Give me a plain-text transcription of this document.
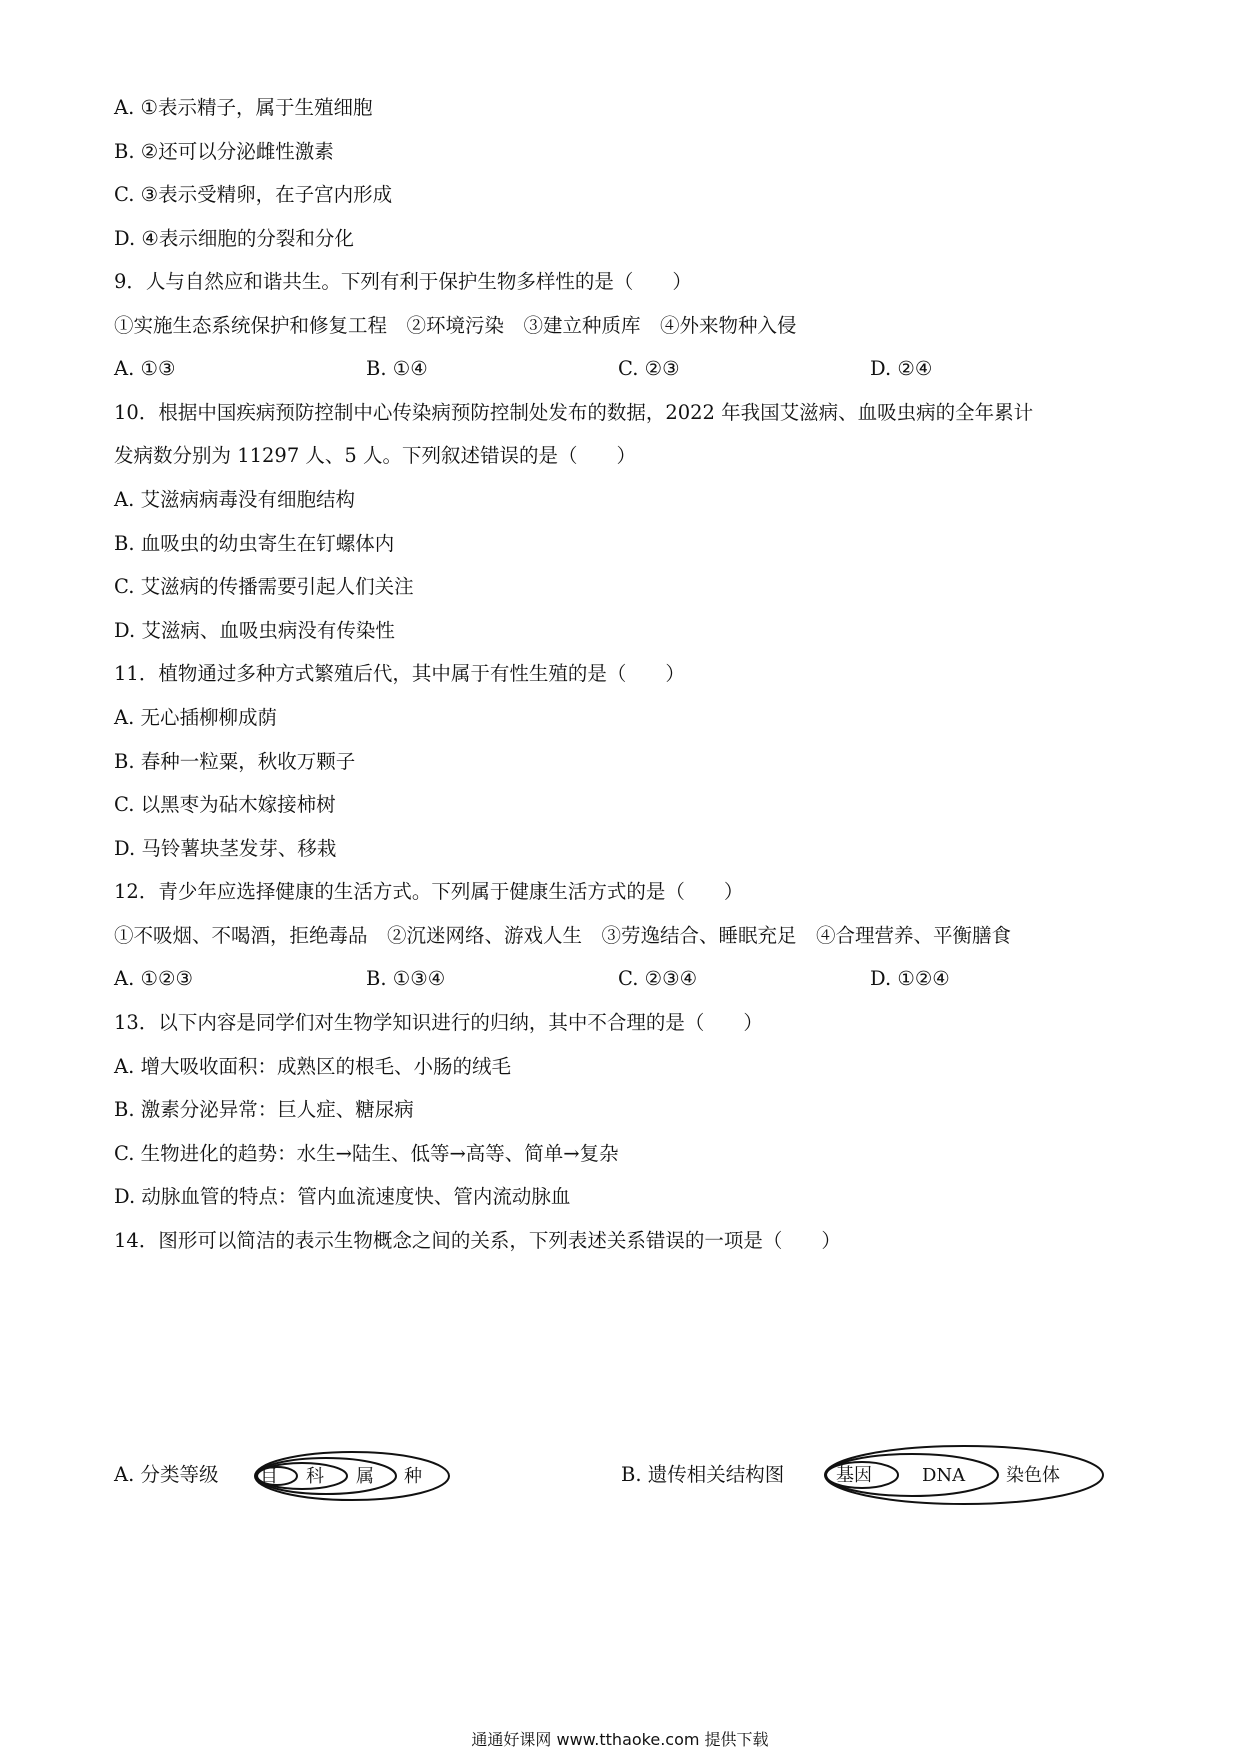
A. ①表示精子，属于生殖细胞
B. ②还可以分泌雌性激素
C. ③表示受精卵，在子宫内形成
D. ④表示细胞的分裂和分化
9．人与自然应和谐共生。下列有利于保护生物多样性的是（　　）
①实施生态系统保护和修复工程　②环境污染　③建立种质库　④外来物种入侵
A. ①③	B. ①④	C. ②③	D. ②④
10．根据中国疾病预防控制中心传染病预防控制处发布的数据，2022 年我国艾滋病、血吸虫病的全年累计
发病数分别为 11297 人、5 人。下列叙述错误的是（　　）
A. 艾滋病病毒没有细胞结构
B. 血吸虫的幼虫寄生在钉螺体内
C. 艾滋病的传播需要引起人们关注
D. 艾滋病、血吸虫病没有传染性
11．植物通过多种方式繁殖后代，其中属于有性生殖的是（　　）
A. 无心插柳柳成荫
B. 春种一粒粟，秋收万颗子
C. 以黑枣为砧木嫁接柿树
D. 马铃薯块茎发芽、移栽
12．青少年应选择健康的生活方式。下列属于健康生活方式的是（　　）
①不吸烟、不喝酒，拒绝毒品　②沉迷网络、游戏人生　③劳逸结合、睡眠充足　④合理营养、平衡膳食
A. ①②③	B. ①③④	C. ②③④	D. ①②④
13．以下内容是同学们对生物学知识进行的归纳，其中不合理的是（　　）
A. 增大吸收面积：成熟区的根毛、小肠的绒毛
B. 激素分泌异常：巨人症、糖尿病
C. 生物进化的趋势：水生→陆生、低等→高等、简单→复杂
D. 动脉血管的特点：管内血流速度快、管内流动脉血
14．图形可以简洁的表示生物概念之间的关系，下列表述关系错误的一项是（　　）
A. 分类等级 目 科 属 种	B. 遗传相关结构图	基因	DNA 染色体
通通好课网 www.tthaoke.com 提供下载
